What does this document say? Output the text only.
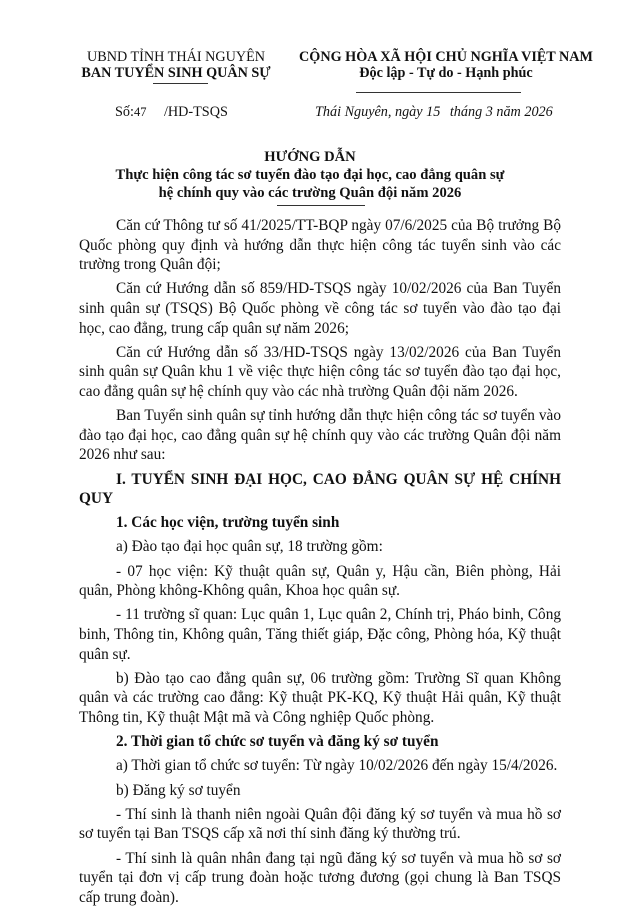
UBND TỈNH THÁI NGUYÊN
BAN TUYỂN SINH QUÂN SỰ
CỘNG HÒA XÃ HỘI CHỦ NGHĨA VIỆT NAM
Độc lập - Tự do - Hạnh phúc
Số:47 /HD-TSQS	Thái Nguyên, ngày 15 tháng 3 năm 2026
HƯỚNG DẪN
Thực hiện công tác sơ tuyển đào tạo đại học, cao đẳng quân sự
hệ chính quy vào các trường Quân đội năm 2026

Căn cứ Thông tư số 41/2025/TT-BQP ngày 07/6/2025 của Bộ trưởng Bộ Quốc phòng quy định và hướng dẫn thực hiện công tác tuyển sinh vào các trường trong Quân đội;

Căn cứ Hướng dẫn số 859/HD-TSQS ngày 10/02/2026 của Ban Tuyển sinh quân sự (TSQS) Bộ Quốc phòng về công tác sơ tuyển vào đào tạo đại học, cao đẳng, trung cấp quân sự năm 2026;

Căn cứ Hướng dẫn số 33/HD-TSQS ngày 13/02/2026 của Ban Tuyển sinh quân sự Quân khu 1 về việc thực hiện công tác sơ tuyển đào tạo đại học, cao đẳng quân sự hệ chính quy vào các nhà trường Quân đội năm 2026.

Ban Tuyển sinh quân sự tỉnh hướng dẫn thực hiện công tác sơ tuyển vào đào tạo đại học, cao đẳng quân sự hệ chính quy vào các trường Quân đội năm 2026 như sau:

I. TUYỂN SINH ĐẠI HỌC, CAO ĐẲNG QUÂN SỰ HỆ CHÍNH QUY

1. Các học viện, trường tuyển sinh

a) Đào tạo đại học quân sự, 18 trường gồm:

- 07 học viện: Kỹ thuật quân sự, Quân y, Hậu cần, Biên phòng, Hải quân, Phòng không-Không quân, Khoa học quân sự.

- 11 trường sĩ quan: Lục quân 1, Lục quân 2, Chính trị, Pháo binh, Công binh, Thông tin, Không quân, Tăng thiết giáp, Đặc công, Phòng hóa, Kỹ thuật quân sự.

b) Đào tạo cao đẳng quân sự, 06 trường gồm: Trường Sĩ quan Không quân và các trường cao đẳng: Kỹ thuật PK-KQ, Kỹ thuật Hải quân, Kỹ thuật Thông tin, Kỹ thuật Mật mã và Công nghiệp Quốc phòng.

2. Thời gian tổ chức sơ tuyển và đăng ký sơ tuyển

a) Thời gian tổ chức sơ tuyển: Từ ngày 10/02/2026 đến ngày 15/4/2026.

b) Đăng ký sơ tuyển

- Thí sinh là thanh niên ngoài Quân đội đăng ký sơ tuyển và mua hồ sơ sơ tuyển tại Ban TSQS cấp xã nơi thí sinh đăng ký thường trú.

- Thí sinh là quân nhân đang tại ngũ đăng ký sơ tuyển và mua hồ sơ sơ tuyển tại đơn vị cấp trung đoàn hoặc tương đương (gọi chung là Ban TSQS cấp trung đoàn).
